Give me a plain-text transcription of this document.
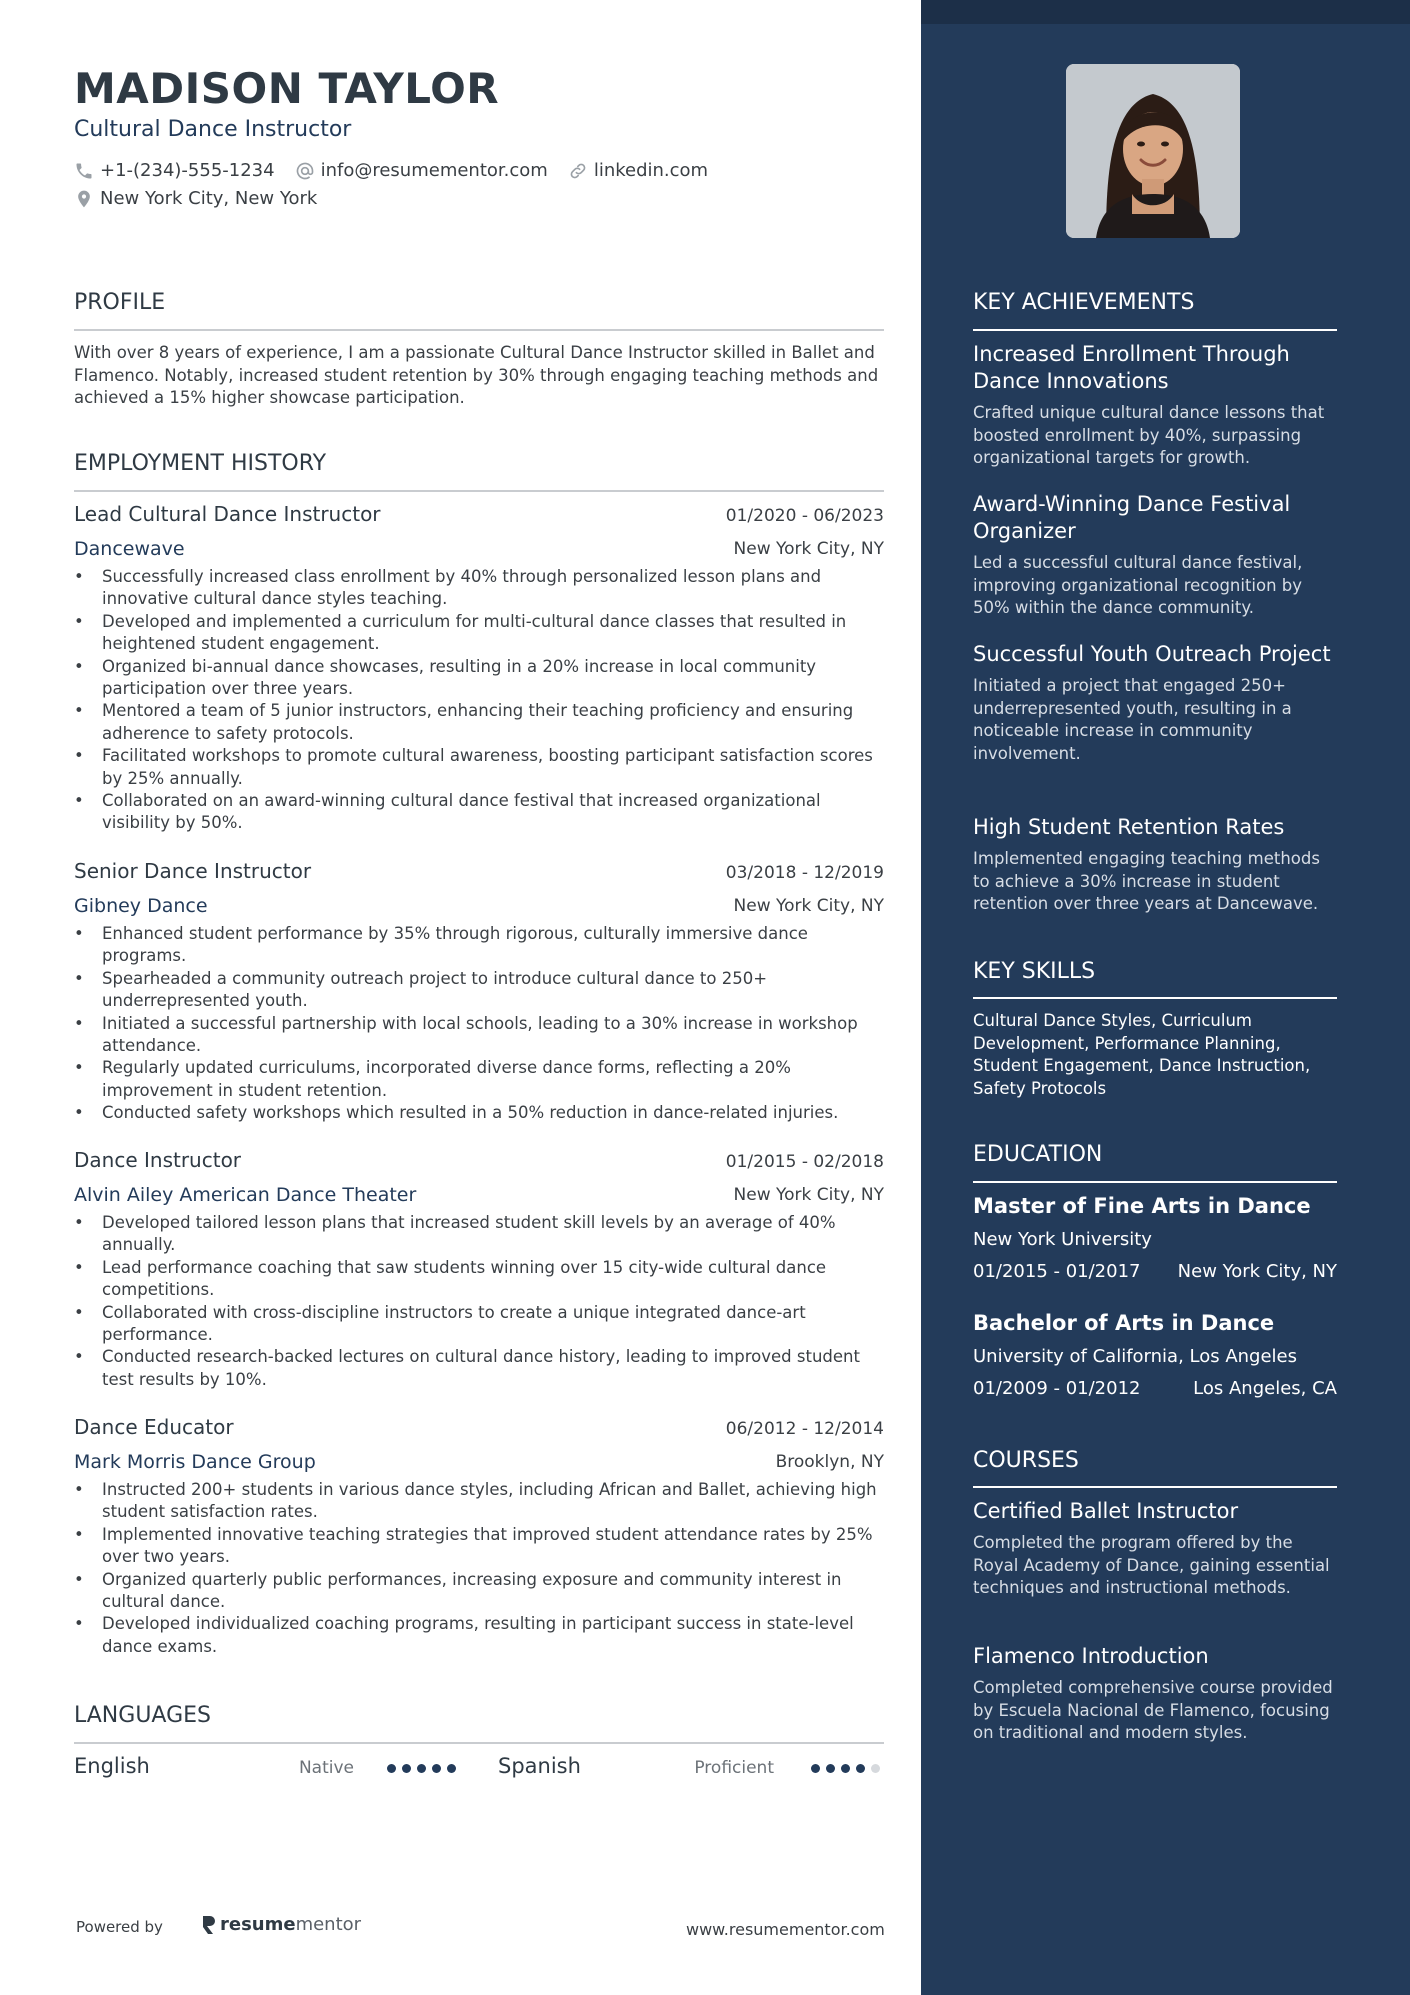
MADISON TAYLOR
Cultural Dance Instructor
+1-(234)-555-1234	info@resumementor.com	linkedin.com
New York City, New York
PROFILE
With over 8 years of experience, I am a passionate Cultural Dance Instructor skilled in Ballet and Flamenco. Notably, increased student retention by 30% through engaging teaching methods and achieved a 15% higher showcase participation.
EMPLOYMENT HISTORY
Lead Cultural Dance Instructor	01/2020 - 06/2023
Dancewave	New York City, NY
• Successfully increased class enrollment by 40% through personalized lesson plans and innovative cultural dance styles teaching.
• Developed and implemented a curriculum for multi-cultural dance classes that resulted in heightened student engagement.
• Organized bi-annual dance showcases, resulting in a 20% increase in local community participation over three years.
• Mentored a team of 5 junior instructors, enhancing their teaching proficiency and ensuring adherence to safety protocols.
• Facilitated workshops to promote cultural awareness, boosting participant satisfaction scores by 25% annually.
• Collaborated on an award-winning cultural dance festival that increased organizational visibility by 50%.
Senior Dance Instructor	03/2018 - 12/2019
Gibney Dance	New York City, NY
• Enhanced student performance by 35% through rigorous, culturally immersive dance programs.
• Spearheaded a community outreach project to introduce cultural dance to 250+ underrepresented youth.
• Initiated a successful partnership with local schools, leading to a 30% increase in workshop attendance.
• Regularly updated curriculums, incorporated diverse dance forms, reflecting a 20% improvement in student retention.
• Conducted safety workshops which resulted in a 50% reduction in dance-related injuries.
Dance Instructor	01/2015 - 02/2018
Alvin Ailey American Dance Theater	New York City, NY
• Developed tailored lesson plans that increased student skill levels by an average of 40% annually.
• Lead performance coaching that saw students winning over 15 city-wide cultural dance competitions.
• Collaborated with cross-discipline instructors to create a unique integrated dance-art performance.
• Conducted research-backed lectures on cultural dance history, leading to improved student test results by 10%.
Dance Educator	06/2012 - 12/2014
Mark Morris Dance Group	Brooklyn, NY
• Instructed 200+ students in various dance styles, including African and Ballet, achieving high student satisfaction rates.
• Implemented innovative teaching strategies that improved student attendance rates by 25% over two years.
• Organized quarterly public performances, increasing exposure and community interest in cultural dance.
• Developed individualized coaching programs, resulting in participant success in state-level dance exams.
LANGUAGES
English	Native	Spanish	Proficient
Powered by	resume mentor	www.resumementor.com
KEY ACHIEVEMENTS
Increased Enrollment Through Dance Innovations
Crafted unique cultural dance lessons that boosted enrollment by 40%, surpassing organizational targets for growth.
Award-Winning Dance Festival Organizer
Led a successful cultural dance festival, improving organizational recognition by 50% within the dance community.
Successful Youth Outreach Project
Initiated a project that engaged 250+ underrepresented youth, resulting in a noticeable increase in community involvement.
High Student Retention Rates
Implemented engaging teaching methods to achieve a 30% increase in student retention over three years at Dancewave.
KEY SKILLS
Cultural Dance Styles, Curriculum Development, Performance Planning, Student Engagement, Dance Instruction, Safety Protocols
EDUCATION
Master of Fine Arts in Dance
New York University
01/2015 - 01/2017 New York City, NY
Bachelor of Arts in Dance
University of California, Los Angeles
01/2009 - 01/2012	Los Angeles, CA
COURSES
Certified Ballet Instructor
Completed the program offered by the Royal Academy of Dance, gaining essential techniques and instructional methods.
Flamenco Introduction
Completed comprehensive course provided by Escuela Nacional de Flamenco, focusing on traditional and modern styles.
